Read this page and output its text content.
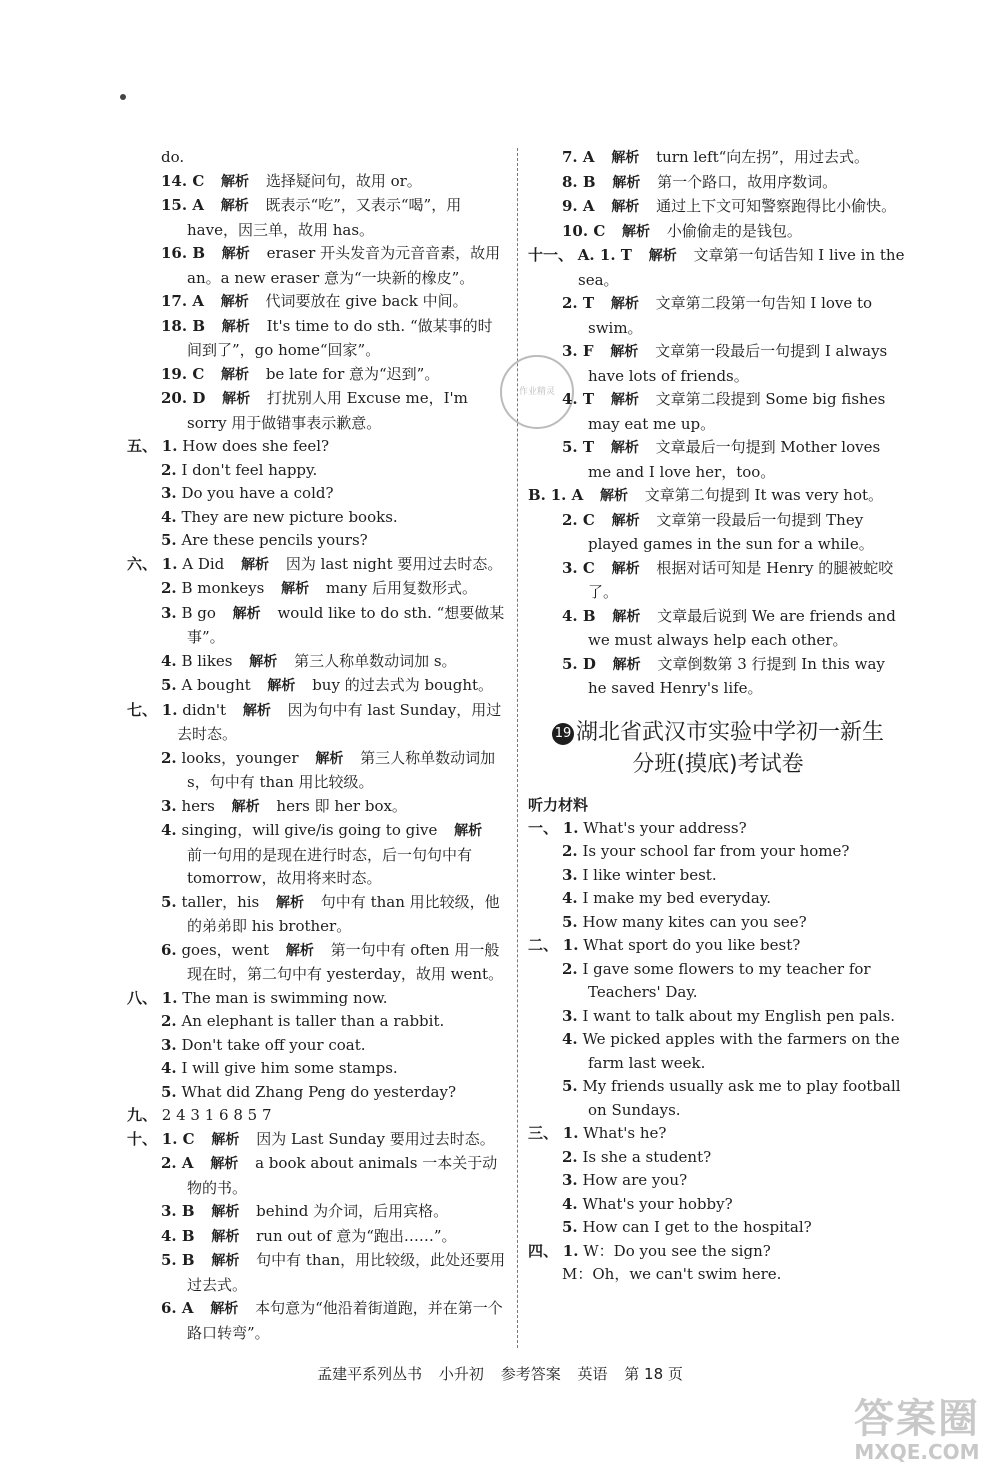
作业精灵
do.
14. C 解析 选择疑问句，故用 or。
15. A 解析 既表示“吃”，又表示“喝”，用 have，因三单，故用 has。
16. B 解析 eraser 开头发音为元音音素，故用 an。a new eraser 意为“一块新的橡皮”。
17. A 解析 代词要放在 give back 中间。
18. B 解析 It's time to do sth. “做某事的时间到了”，go home“回家”。
19. C 解析 be late for 意为“迟到”。
20. D 解析 打扰别人用 Excuse me，I'm sorry 用于做错事表示歉意。
五、 1. How does she feel?
2. I don't feel happy.
3. Do you have a cold?
4. They are new picture books.
5. Are these pencils yours?
六、 1. A Did 解析 因为 last night 要用过去时态。
2. B monkeys 解析 many 后用复数形式。
3. B go 解析 would like to do sth. “想要做某事”。
4. B likes 解析 第三人称单数动词加 s。
5. A bought 解析 buy 的过去式为 bought。
七、 1. didn't 解析 因为句中有 last Sunday，用过去时态。
2. looks，younger 解析 第三人称单数动词加 s，句中有 than 用比较级。
3. hers 解析 hers 即 her box。
4. singing，will give/is going to give 解析 前一句用的是现在进行时态，后一句句中有 tomorrow，故用将来时态。
5. taller，his 解析 句中有 than 用比较级，他的弟弟即 his brother。
6. goes，went 解析 第一句中有 often 用一般现在时，第二句中有 yesterday，故用 went。
八、 1. The man is swimming now.
2. An elephant is taller than a rabbit.
3. Don't take off your coat.
4. I will give him some stamps.
5. What did Zhang Peng do yesterday?
九、 2 4 3 1 6 8 5 7
十、 1. C 解析 因为 Last Sunday 要用过去时态。
2. A 解析 a book about animals 一本关于动物的书。
3. B 解析 behind 为介词，后用宾格。
4. B 解析 run out of 意为“跑出……”。
5. B 解析 句中有 than，用比较级，此处还要用过去式。
6. A 解析 本句意为“他沿着街道跑，并在第一个路口转弯”。
7. A 解析 turn left“向左拐”，用过去式。
8. B 解析 第一个路口，故用序数词。
9. A 解析 通过上下文可知警察跑得比小偷快。
10. C 解析 小偷偷走的是钱包。
十一、 A. 1. T 解析 文章第一句话告知 I live in the sea。
2. T 解析 文章第二段第一句告知 I love to swim。
3. F 解析 文章第一段最后一句提到 I always have lots of friends。
4. T 解析 文章第二段提到 Some big fishes may eat me up。
5. T 解析 文章最后一句提到 Mother loves me and I love her，too。
B. 1. A 解析 文章第二句提到 It was very hot。
2. C 解析 文章第一段最后一句提到 They played games in the sun for a while。
3. C 解析 根据对话可知是 Henry 的腿被蛇咬了。
4. B 解析 文章最后说到 We are friends and we must always help each other。
5. D 解析 文章倒数第 3 行提到 In this way he saved Henry's life。
19 湖北省武汉市实验中学初一新生
分班(摸底)考试卷
听力材料
一、 1. What's your address?
2. Is your school far from your home?
3. I like winter best.
4. I make my bed everyday.
5. How many kites can you see?
二、 1. What sport do you like best?
2. I gave some flowers to my teacher for Teachers' Day.
3. I want to talk about my English pen pals.
4. We picked apples with the farmers on the farm last week.
5. My friends usually ask me to play football on Sundays.
三、 1. What's he?
2. Is she a student?
3. How are you?
4. What's your hobby?
5. How can I get to the hospital?
四、 1. W：Do you see the sign?
M：Oh，we can't swim here.
孟建平系列丛书 小升初 参考答案 英语 第 18 页
答案圈
MXQE.COM
